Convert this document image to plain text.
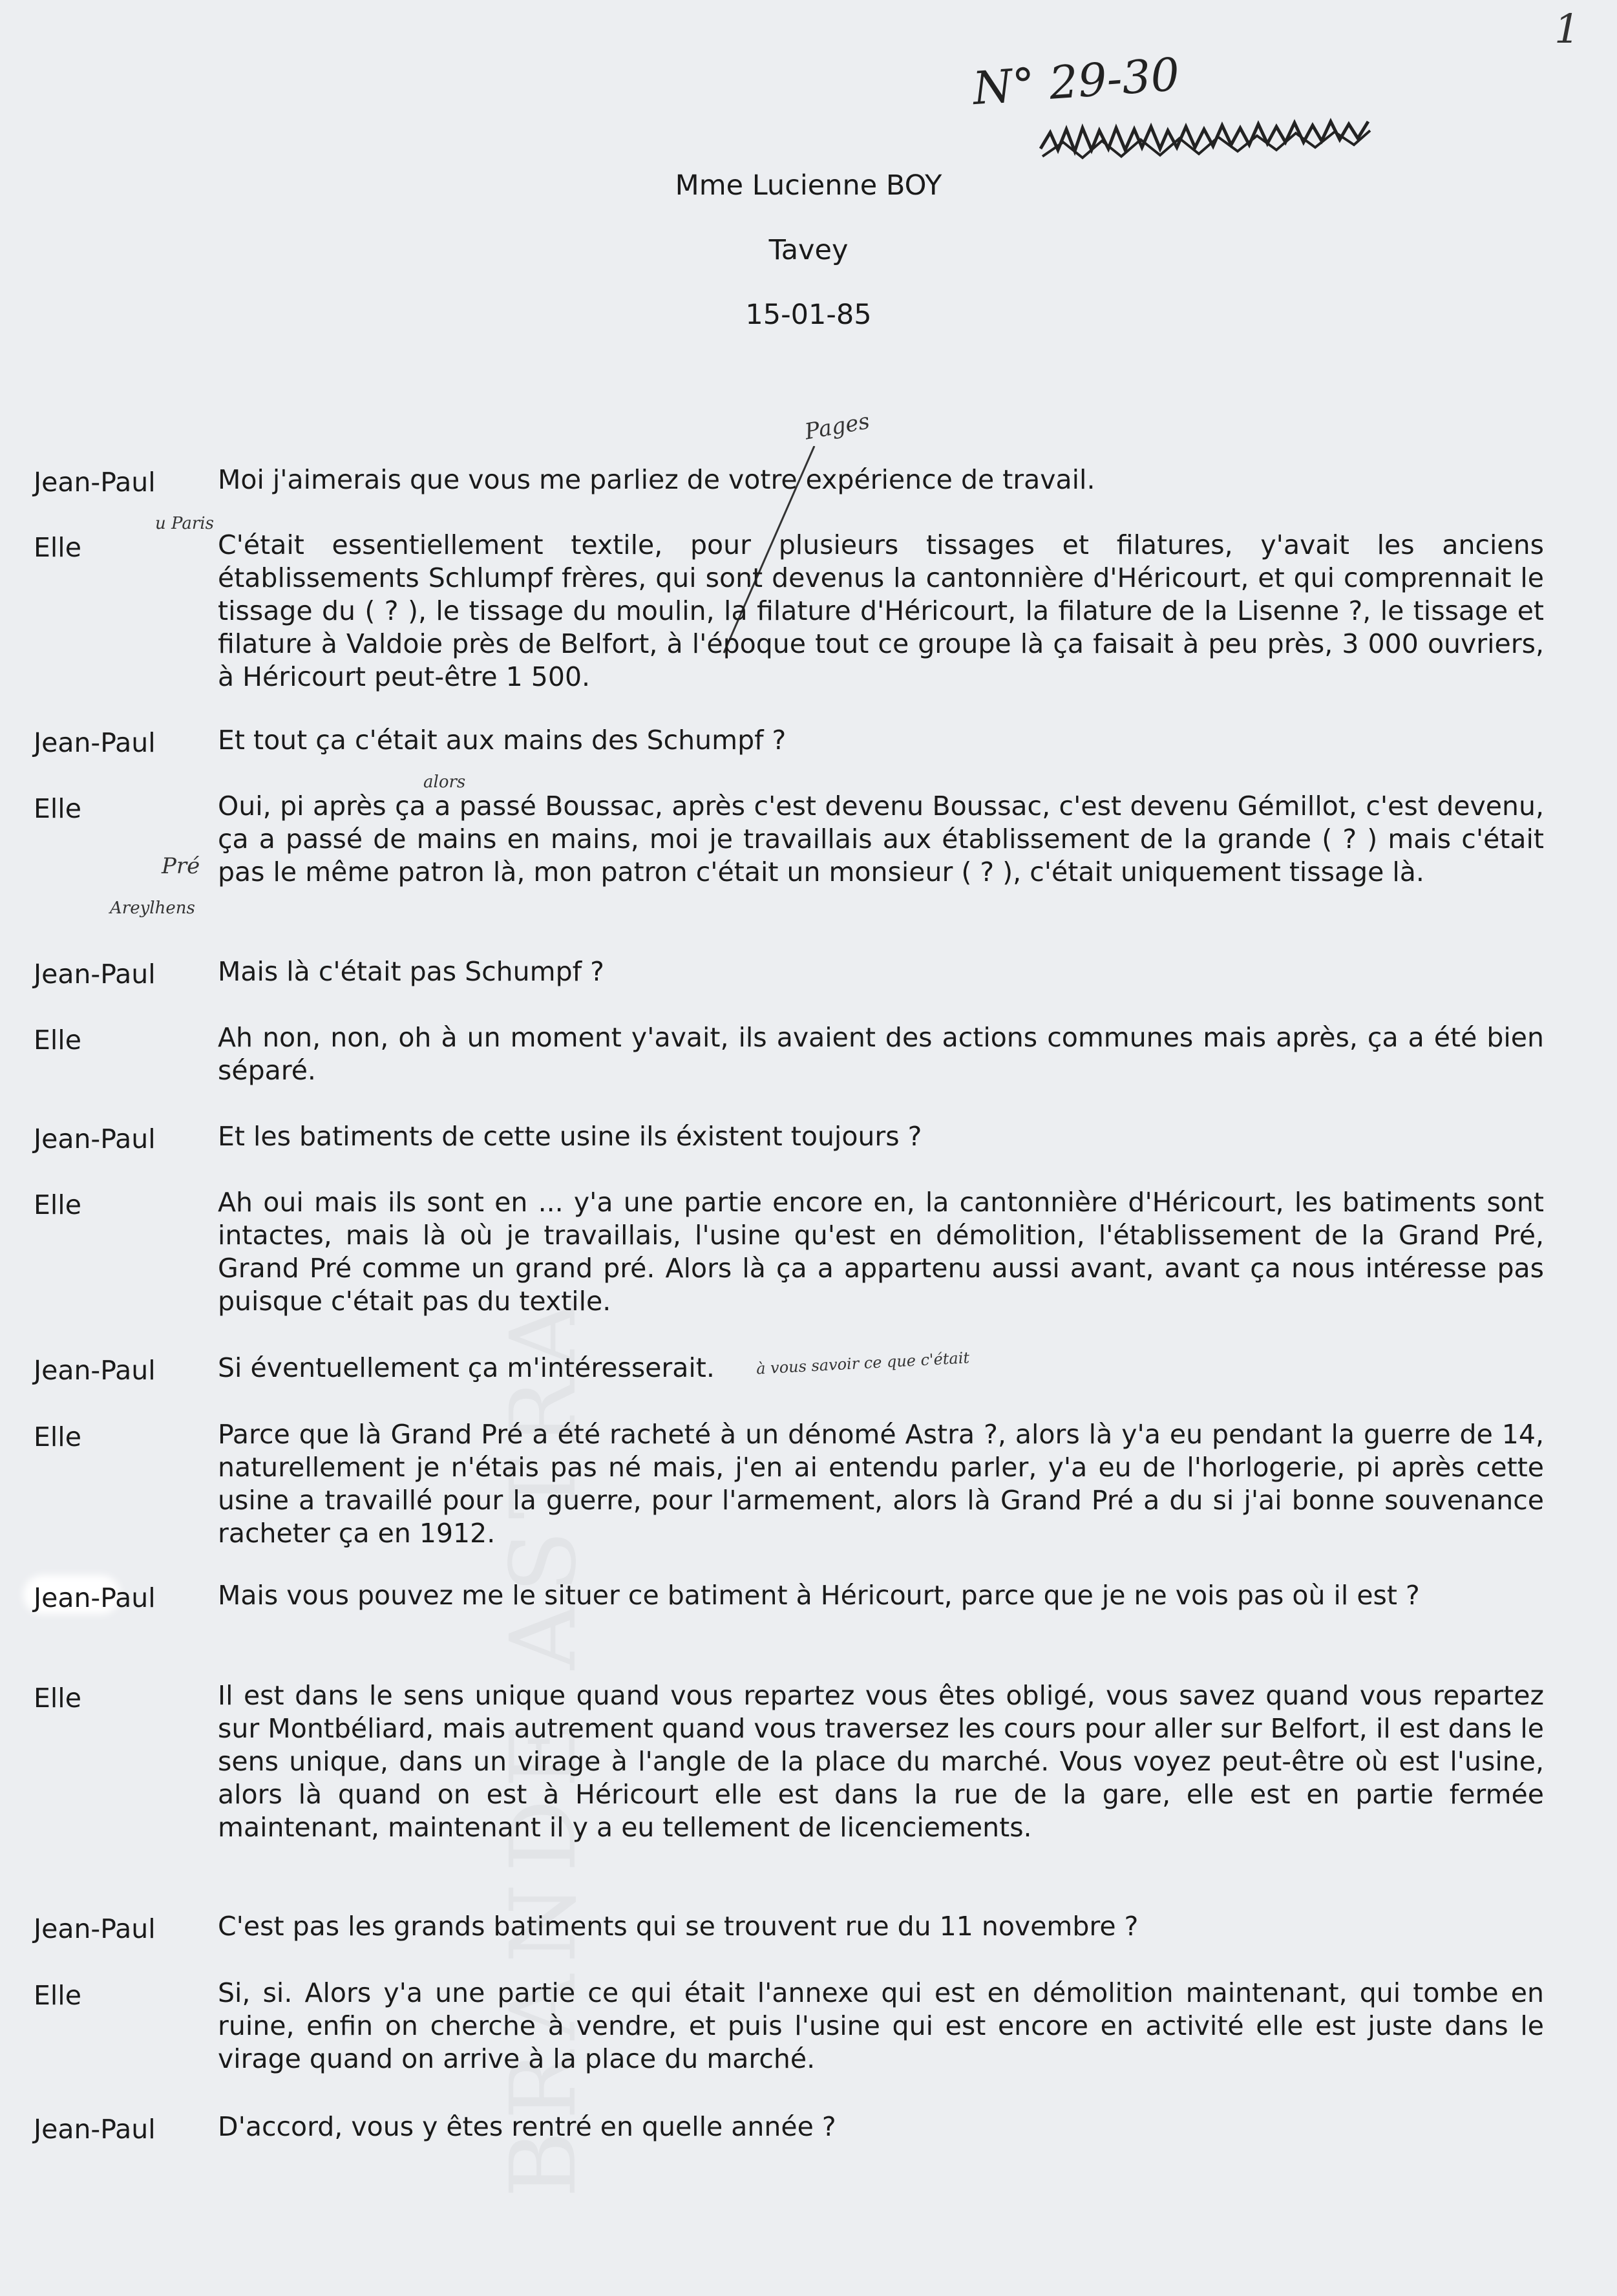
BRANDE ASTRA
1
N° 29-30
Mme Lucienne BOY
Tavey
15-01-85
Pages
u Paris
alors
Pré
Areylhens
à vous savoir ce que c'était
Jean-Paul Moi j'aimerais que vous me parliez de votre expérience de travail.
Elle	C'était essentiellement textile, pour plusieurs tissages et filatures, y'avait les anciens établissements Schlumpf frères, qui sont devenus la cantonnière d'Héricourt, et qui comprennait le tissage du ( ? ), le tissage du moulin, la filature d'Héricourt, la filature de la Lisenne ?, le tissage et filature à Valdoie près de Belfort, à l'époque tout ce groupe là ça faisait à peu près, 3 000 ouvriers, à Héricourt peut-être 1 500.
Jean-Paul Et tout ça c'était aux mains des Schumpf ?
Elle	Oui, pi après ça a passé Boussac, après c'est devenu Boussac, c'est devenu Gémillot, c'est devenu, ça a passé de mains en mains, moi je travaillais aux établissement de la grande ( ? ) mais c'était pas le même patron là, mon patron c'était un monsieur ( ? ), c'était uniquement tissage là.
Jean-Paul Mais là c'était pas Schumpf ?
Elle	Ah non, non, oh à un moment y'avait, ils avaient des actions communes mais après, ça a été bien séparé.
Jean-Paul Et les batiments de cette usine ils éxistent toujours ?
Elle	Ah oui mais ils sont en ... y'a une partie encore en, la cantonnière d'Héricourt, les batiments sont intactes, mais là où je travaillais, l'usine qu'est en démolition, l'établissement de la Grand Pré, Grand Pré comme un grand pré. Alors là ça a appartenu aussi avant, avant ça nous intéresse pas puisque c'était pas du textile.
Jean-Paul Si éventuellement ça m'intéresserait.
Elle	Parce que là Grand Pré a été racheté à un dénomé Astra ?, alors là y'a eu pendant la guerre de 14, naturellement je n'étais pas né mais, j'en ai entendu parler, y'a eu de l'horlogerie, pi après cette usine a travaillé pour la guerre, pour l'armement, alors là Grand Pré a du si j'ai bonne souvenance racheter ça en 1912.
Jean-Paul Mais vous pouvez me le situer ce batiment à Héricourt, parce que je ne vois pas où il est ?
Elle	Il est dans le sens unique quand vous repartez vous êtes obligé, vous savez quand vous repartez sur Montbéliard, mais autrement quand vous traversez les cours pour aller sur Belfort, il est dans le sens unique, dans un virage à l'angle de la place du marché. Vous voyez peut-être où est l'usine, alors là quand on est à Héricourt elle est dans la rue de la gare, elle est en partie fermée maintenant, maintenant il y a eu tellement de licenciements.
Jean-Paul C'est pas les grands batiments qui se trouvent rue du 11 novembre ?
Elle	Si, si. Alors y'a une partie ce qui était l'annexe qui est en démolition maintenant, qui tombe en ruine, enfin on cherche à vendre, et puis l'usine qui est encore en activité elle est juste dans le virage quand on arrive à la place du marché.
Jean-Paul D'accord, vous y êtes rentré en quelle année ?
